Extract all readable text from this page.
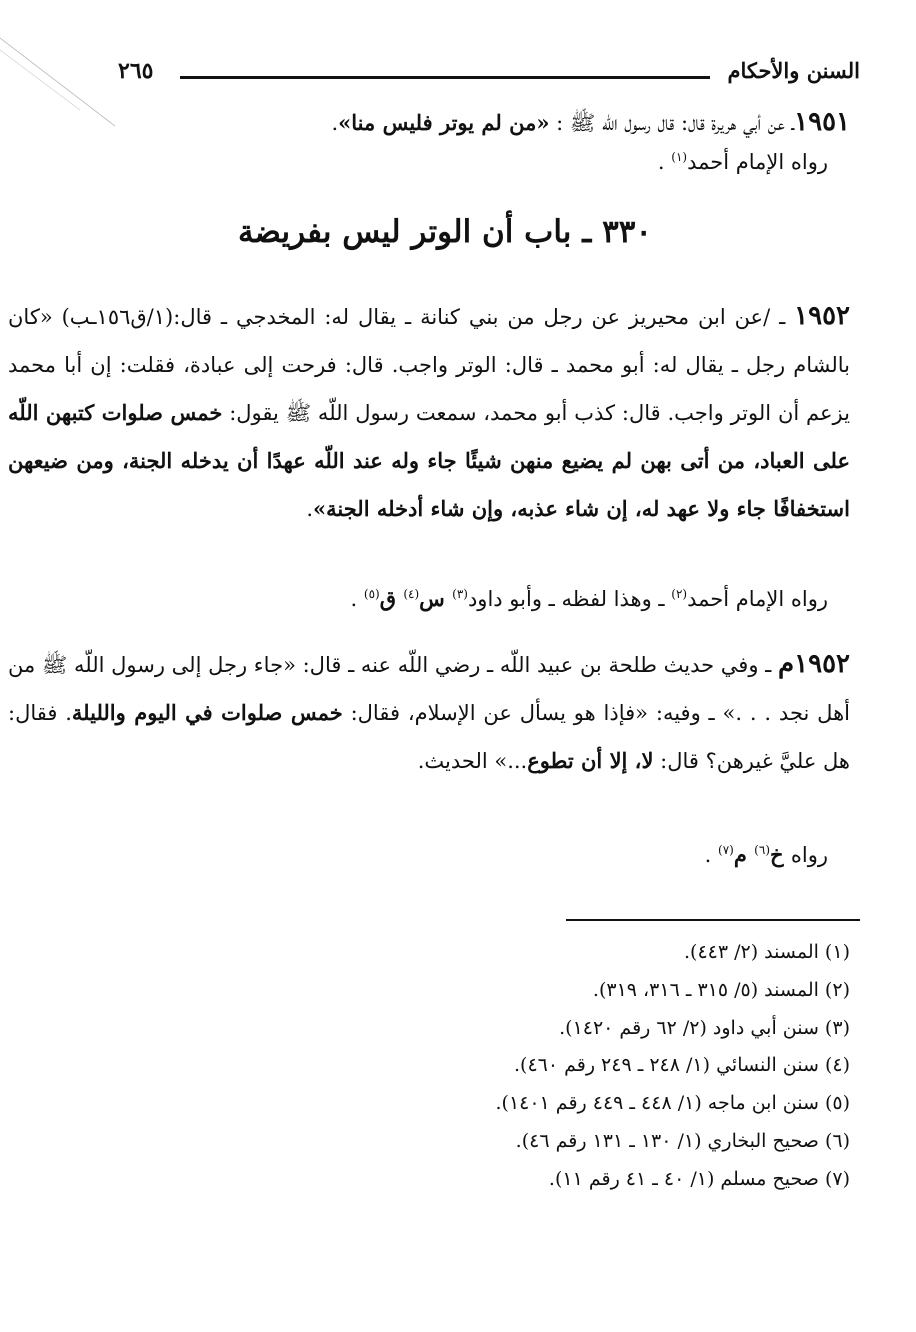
السنن والأحكام
٢٦٥
١٩٥١ـ عن أبي هريرة قال: قال رسول اللّه ﷺ : «من لم يوتر فليس منا».
رواه الإمام أحمد$^{(١)}$ .
٣٣٠ ـ باب أن الوتر ليس بفريضة
١٩٥٢ ـ /عن ابن محيريز عن رجل من بني كنانة ـ يقال له: المخدجي ـ قال:(١/ق١٥٦ـب) «كان بالشام رجل ـ يقال له: أبو محمد ـ قال: الوتر واجب. قال: فرحت إلى عبادة، فقلت: إن أبا محمد يزعم أن الوتر واجب. قال: كذب أبو محمد، سمعت رسول اللّه ﷺ يقول: خمس صلوات كتبهن اللّه على العباد، من أتى بهن لم يضيع منهن شيئًا جاء وله عند اللّه عهدًا أن يدخله الجنة، ومن ضيعهن استخفافًا جاء ولا عهد له، إن شاء عذبه، وإن شاء أدخله الجنة».
رواه الإمام أحمد$^{(٢)}$ ـ وهذا لفظه ـ وأبو داود$^{(٣)}$ س$^{(٤)}$ ق$^{(٥)}$ .
١٩٥٢م ـ وفي حديث طلحة بن عبيد اللّه ـ رضي اللّه عنه ـ قال: «جاء رجل إلى رسول اللّه ﷺ من أهل نجد . . .» ـ وفيه: «فإذا هو يسأل عن الإسلام، فقال: خمس صلوات في اليوم والليلة. فقال: هل عليَّ غيرهن؟ قال: لا، إلا أن تطوع...» الحديث.
رواه خ$^{(٦)}$ م$^{(٧)}$ .
(١) المسند (٢/ ٤٤٣).
(٢) المسند (٥/ ٣١٥ ـ ٣١٦، ٣١٩).
(٣) سنن أبي داود (٢/ ٦٢ رقم ١٤٢٠).
(٤) سنن النسائي (١/ ٢٤٨ ـ ٢٤٩ رقم ٤٦٠).
(٥) سنن ابن ماجه (١/ ٤٤٨ ـ ٤٤٩ رقم ١٤٠١).
(٦) صحيح البخاري (١/ ١٣٠ ـ ١٣١ رقم ٤٦).
(٧) صحيح مسلم (١/ ٤٠ ـ ٤١ رقم ١١).
